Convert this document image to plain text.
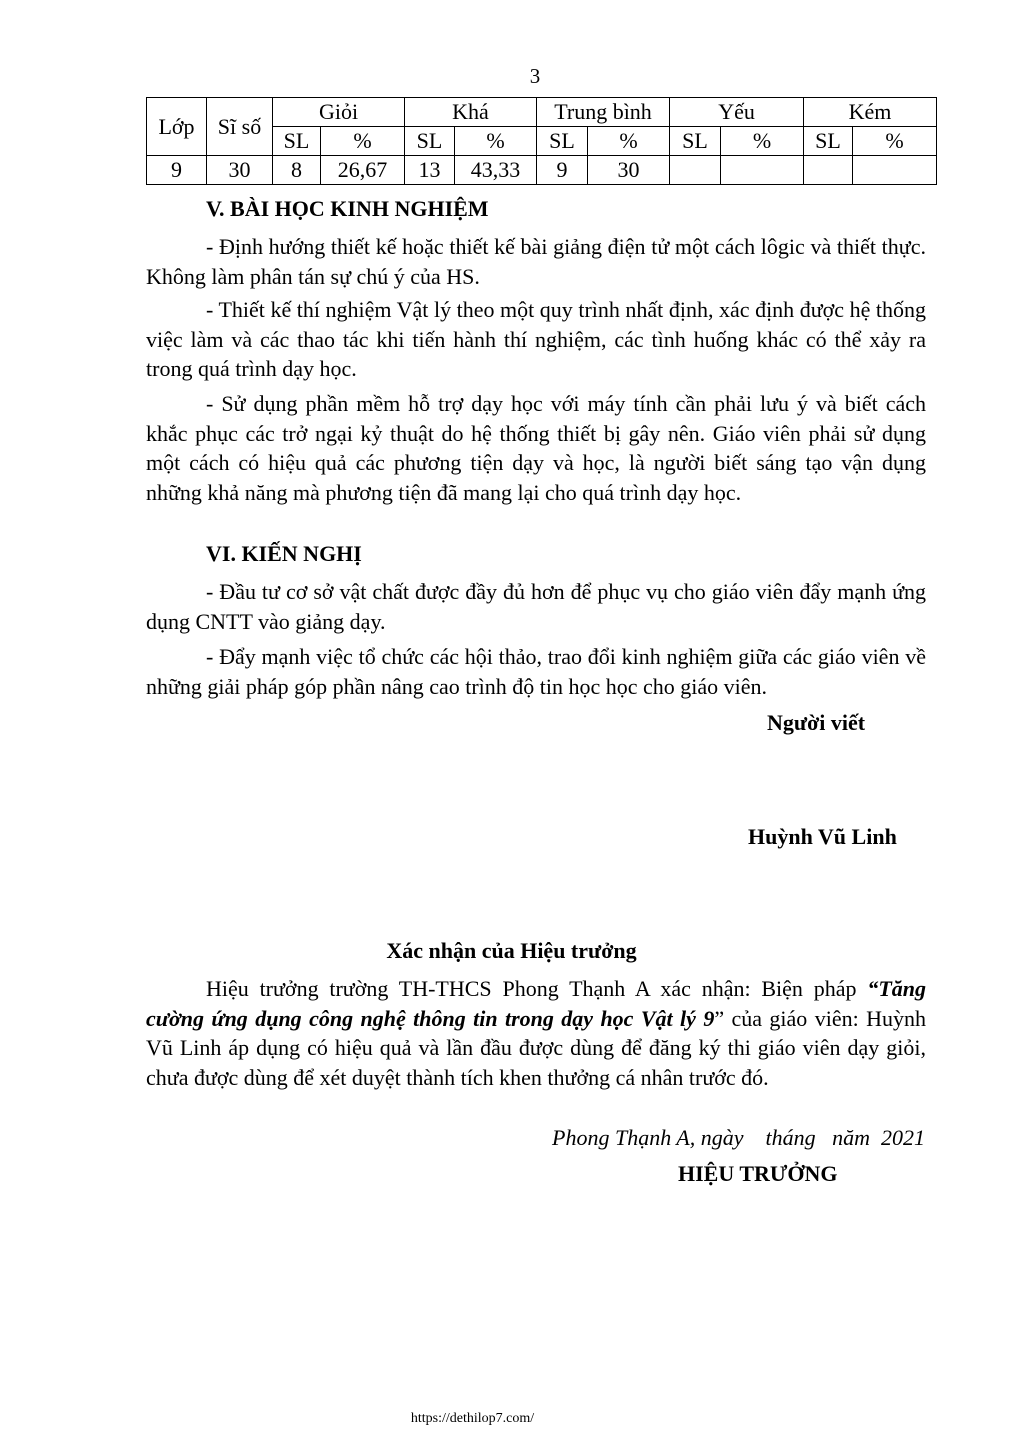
3
Lớp	Sĩ số	Giỏi		Khá		Trung bình		Yếu		Kém	
		SL	%	SL	%	SL	%	SL	%	SL	%
9	30	8	26,67	13	43,33	9	30				
V. BÀI HỌC KINH NGHIỆM
- Định hướng thiết kế hoặc thiết kế bài giảng điện tử một cách lôgic và thiết thực. Không làm phân tán sự chú ý của HS.
- Thiết kế thí nghiệm Vật lý theo một quy trình nhất định, xác định được hệ thống việc làm và các thao tác khi tiến hành thí nghiệm, các tình huống khác có thể xảy ra trong quá trình dạy học.
- Sử dụng phần mềm hỗ trợ dạy học với máy tính cần phải lưu ý và biết cách khắc phục các trở ngại kỷ thuật do hệ thống thiết bị gây nên. Giáo viên phải sử dụng một cách có hiệu quả các phương tiện dạy và học, là người biết sáng tạo vận dụng những khả năng mà phương tiện đã mang lại cho quá trình dạy học.
VI. KIẾN NGHỊ
- Đầu tư cơ sở vật chất được đầy đủ hơn để phục vụ cho giáo viên đẩy mạnh ứng dụng CNTT vào giảng dạy.
- Đẩy mạnh việc tổ chức các hội thảo, trao đổi kinh nghiệm giữa các giáo viên về những giải pháp góp phần nâng cao trình độ tin học học cho giáo viên.
Người viết
Huỳnh Vũ Linh
Xác nhận của Hiệu trưởng
Hiệu trưởng trường TH-THCS Phong Thạnh A xác nhận: Biện pháp “Tăng cường ứng dụng công nghệ thông tin trong dạy học Vật lý 9” của giáo viên: Huỳnh Vũ Linh áp dụng có hiệu quả và lần đầu được dùng để đăng ký thi giáo viên dạy giỏi, chưa được dùng để xét duyệt thành tích khen thưởng cá nhân trước đó.
Phong Thạnh A, ngày    tháng   năm  2021
HIỆU TRƯỞNG
https://dethilop7.com/
